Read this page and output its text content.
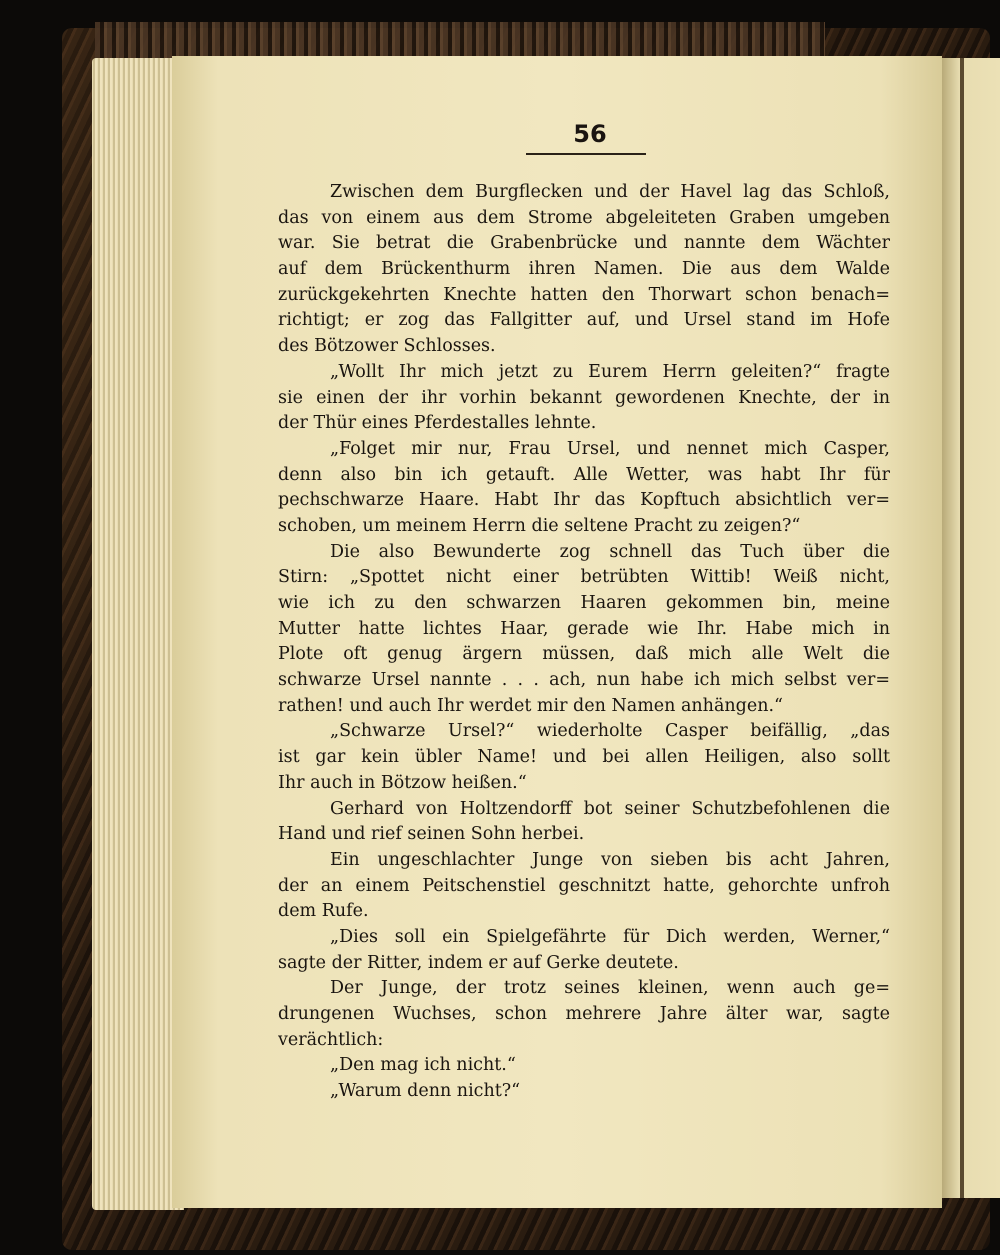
56
Zwischen dem Burgflecken und der Havel lag das Schloß,
das von einem aus dem Strome abgeleiteten Graben umgeben
war. Sie betrat die Grabenbrücke und nannte dem Wächter
auf dem Brückenthurm ihren Namen. Die aus dem Walde
zurückgekehrten Knechte hatten den Thorwart schon benach=
richtigt; er zog das Fallgitter auf, und Ursel stand im Hofe
des Bötzower Schlosses.
„Wollt Ihr mich jetzt zu Eurem Herrn geleiten?“ fragte
sie einen der ihr vorhin bekannt gewordenen Knechte, der in
der Thür eines Pferdestalles lehnte.
„Folget mir nur, Frau Ursel, und nennet mich Casper,
denn also bin ich getauft. Alle Wetter, was habt Ihr für
pechschwarze Haare. Habt Ihr das Kopftuch absichtlich ver=
schoben, um meinem Herrn die seltene Pracht zu zeigen?“
Die also Bewunderte zog schnell das Tuch über die
Stirn: „Spottet nicht einer betrübten Wittib! Weiß nicht,
wie ich zu den schwarzen Haaren gekommen bin, meine
Mutter hatte lichtes Haar, gerade wie Ihr. Habe mich in
Plote oft genug ärgern müssen, daß mich alle Welt die
schwarze Ursel nannte . . . ach, nun habe ich mich selbst ver=
rathen! und auch Ihr werdet mir den Namen anhängen.“
„Schwarze Ursel?“ wiederholte Casper beifällig, „das
ist gar kein übler Name! und bei allen Heiligen, also sollt
Ihr auch in Bötzow heißen.“
Gerhard von Holtzendorff bot seiner Schutzbefohlenen die
Hand und rief seinen Sohn herbei.
Ein ungeschlachter Junge von sieben bis acht Jahren,
der an einem Peitschenstiel geschnitzt hatte, gehorchte unfroh
dem Rufe.
„Dies soll ein Spielgefährte für Dich werden, Werner,“
sagte der Ritter, indem er auf Gerke deutete.
Der Junge, der trotz seines kleinen, wenn auch ge=
drungenen Wuchses, schon mehrere Jahre älter war, sagte
verächtlich:
„Den mag ich nicht.“
„Warum denn nicht?“
